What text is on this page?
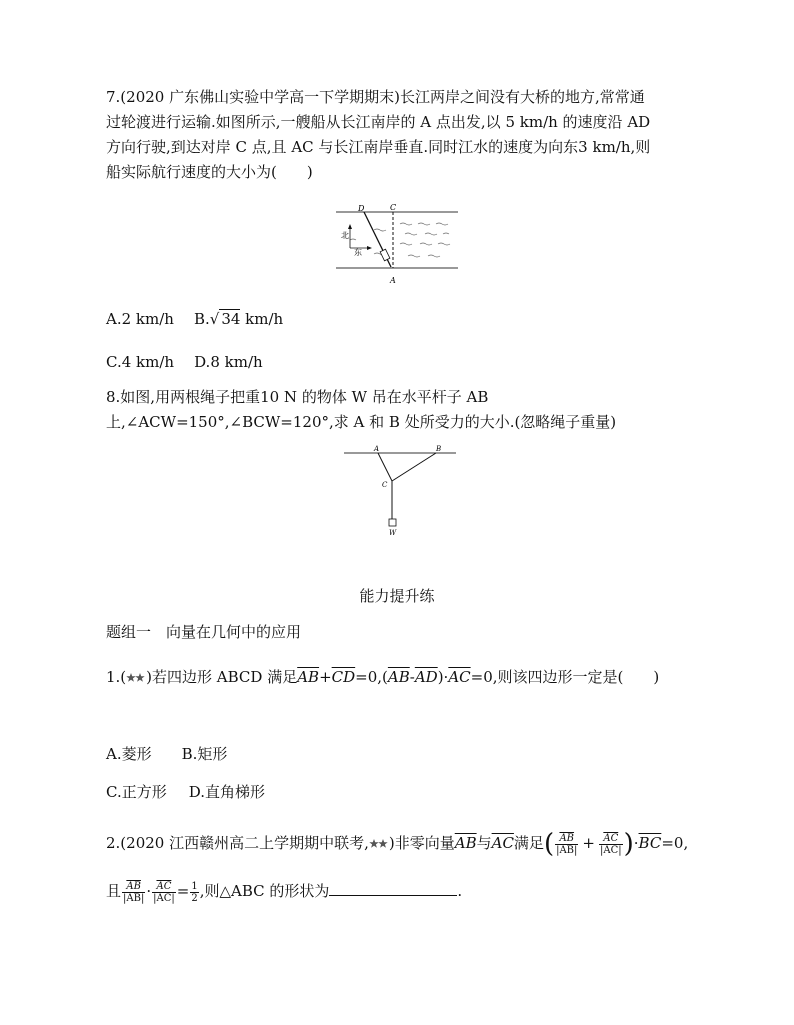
7.(2020 广东佛山实验中学高一下学期期末)长江两岸之间没有大桥的地方,常常通
过轮渡进行运输.如图所示,一艘船从长江南岸的 A 点出发,以 5 km/h 的速度沿 AD
方向行驶,到达对岸 C 点,且 AC 与长江南岸垂直.同时江水的速度为向东3 km/h,则
船实际航行速度的大小为(　　)
D	C
A
北
东
A.2 km/h B.√ 34 km/h
C.4 km/h D.8 km/h
8.如图,用两根绳子把重10 N 的物体 W 吊在水平杆子 AB
上,∠ACW=150°,∠BCW=120°,求 A 和 B 处所受力的大小.(忽略绳子重量)
A	B
C
W
能力提升练
题组一　向量在几何中的应用
1.( )若四边形 ABCD 满足$\overline{AB}+\overline{CD}=0,(\overline{AB}-\overline{AD})\cdot\overline{AC}=0$,则该四边形一定是(　　)
A.菱形 B.矩形
C.正方形 D.直角梯形
2.(2020 江西赣州高二上学期期中联考, )非零向量$\overline{AB}$与$\overline{AC}$满足( $\frac{\overline{AB}}{|AB|} + \frac{\overline{AC}}{|AC|} )\cdot\overline{BC}=0$,
且 $\frac{\overline{AB}}{|AB|} \cdot \frac{\overline{AC}}{|AC|} = \frac{1}{2}$ ,则△ABC 的形状为	.
